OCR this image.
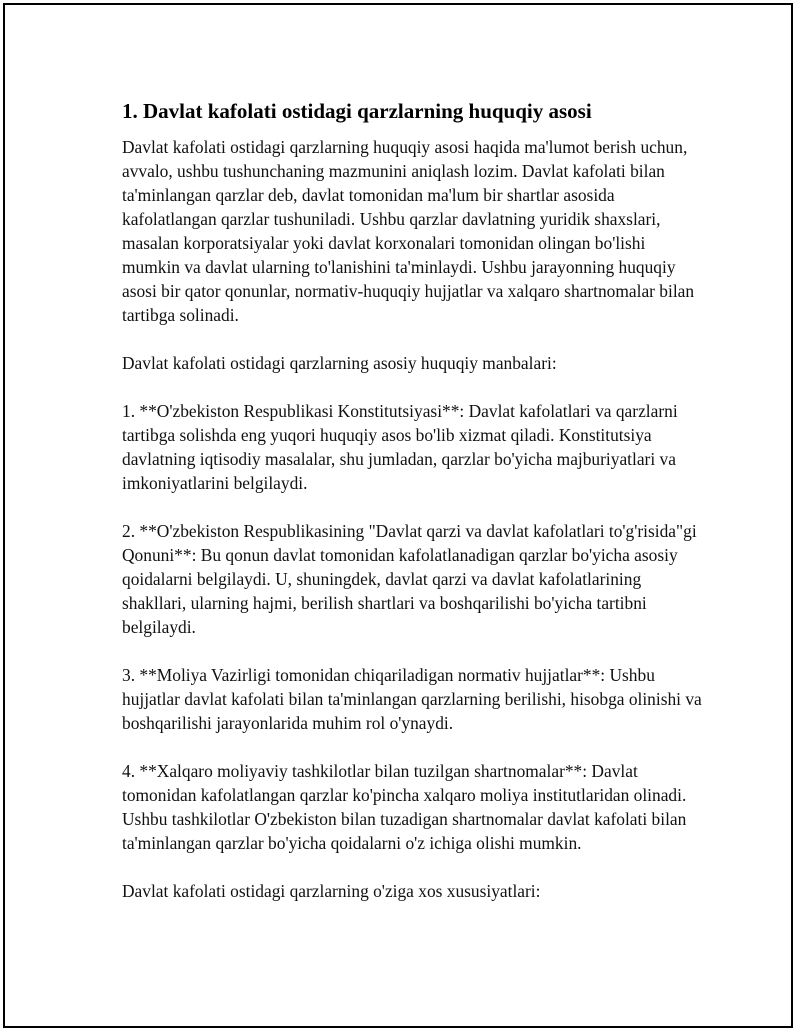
1. Davlat kafolati ostidagi qarzlarning huquqiy asosi

Davlat kafolati ostidagi qarzlarning huquqiy asosi haqida ma'lumot berish uchun, avvalo, ushbu tushunchaning mazmunini aniqlash lozim. Davlat kafolati bilan ta'minlangan qarzlar deb, davlat tomonidan ma'lum bir shartlar asosida kafolatlangan qarzlar tushuniladi. Ushbu qarzlar davlatning yuridik shaxslari, masalan korporatsiyalar yoki davlat korxonalari tomonidan olingan bo'lishi mumkin va davlat ularning to'lanishini ta'minlaydi. Ushbu jarayonning huquqiy asosi bir qator qonunlar, normativ-huquqiy hujjatlar va xalqaro shartnomalar bilan tartibga solinadi.

Davlat kafolati ostidagi qarzlarning asosiy huquqiy manbalari:

1. **O'zbekiston Respublikasi Konstitutsiyasi**: Davlat kafolatlari va qarzlarni tartibga solishda eng yuqori huquqiy asos bo'lib xizmat qiladi. Konstitutsiya davlatning iqtisodiy masalalar, shu jumladan, qarzlar bo'yicha majburiyatlari va imkoniyatlarini belgilaydi.

2. **O'zbekiston Respublikasining "Davlat qarzi va davlat kafolatlari to'g'risida"gi Qonuni**: Bu qonun davlat tomonidan kafolatlanadigan qarzlar bo'yicha asosiy qoidalarni belgilaydi. U, shuningdek, davlat qarzi va davlat kafolatlarining shakllari, ularning hajmi, berilish shartlari va boshqarilishi bo'yicha tartibni belgilaydi.

3. **Moliya Vazirligi tomonidan chiqariladigan normativ hujjatlar**: Ushbu hujjatlar davlat kafolati bilan ta'minlangan qarzlarning berilishi, hisobga olinishi va boshqarilishi jarayonlarida muhim rol o'ynaydi.

4. **Xalqaro moliyaviy tashkilotlar bilan tuzilgan shartnomalar**: Davlat tomonidan kafolatlangan qarzlar ko'pincha xalqaro moliya institutlaridan olinadi. Ushbu tashkilotlar O'zbekiston bilan tuzadigan shartnomalar davlat kafolati bilan ta'minlangan qarzlar bo'yicha qoidalarni o'z ichiga olishi mumkin.

Davlat kafolati ostidagi qarzlarning o'ziga xos xususiyatlari:
